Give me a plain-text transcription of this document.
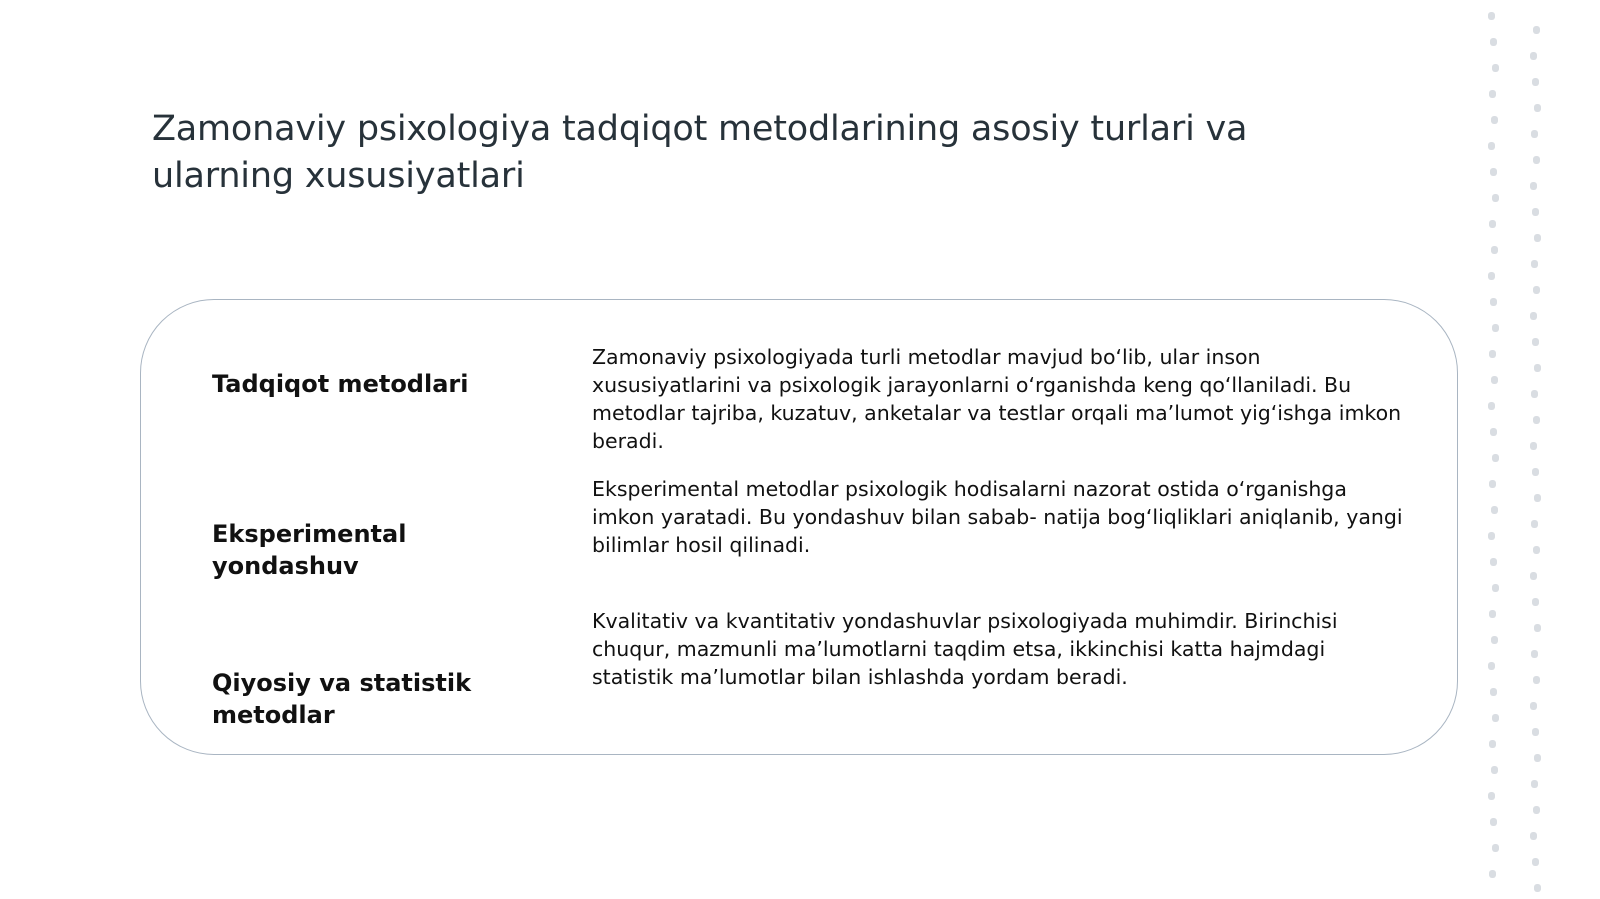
Zamonaviy psixologiya tadqiqot metodlarining asosiy turlari va ularning xususiyatlari
Tadqiqot metodlari

Zamonaviy psixologiyada turli metodlar mavjud bo‘lib, ular inson xususiyatlarini va psixologik jarayonlarni o‘rganishda keng qo‘llaniladi. Bu metodlar tajriba, kuzatuv, anketalar va testlar orqali ma’lumot yig‘ishga imkon beradi.

Eksperimental yondashuv

Eksperimental metodlar psixologik hodisalarni nazorat ostida o‘rganishga imkon yaratadi. Bu yondashuv bilan sabab- natija bog‘liqliklari aniqlanib, yangi bilimlar hosil qilinadi.

Qiyosiy va statistik metodlar

Kvalitativ va kvantitativ yondashuvlar psixologiyada muhimdir. Birinchisi chuqur, mazmunli ma’lumotlarni taqdim etsa, ikkinchisi katta hajmdagi statistik ma’lumotlar bilan ishlashda yordam beradi.
